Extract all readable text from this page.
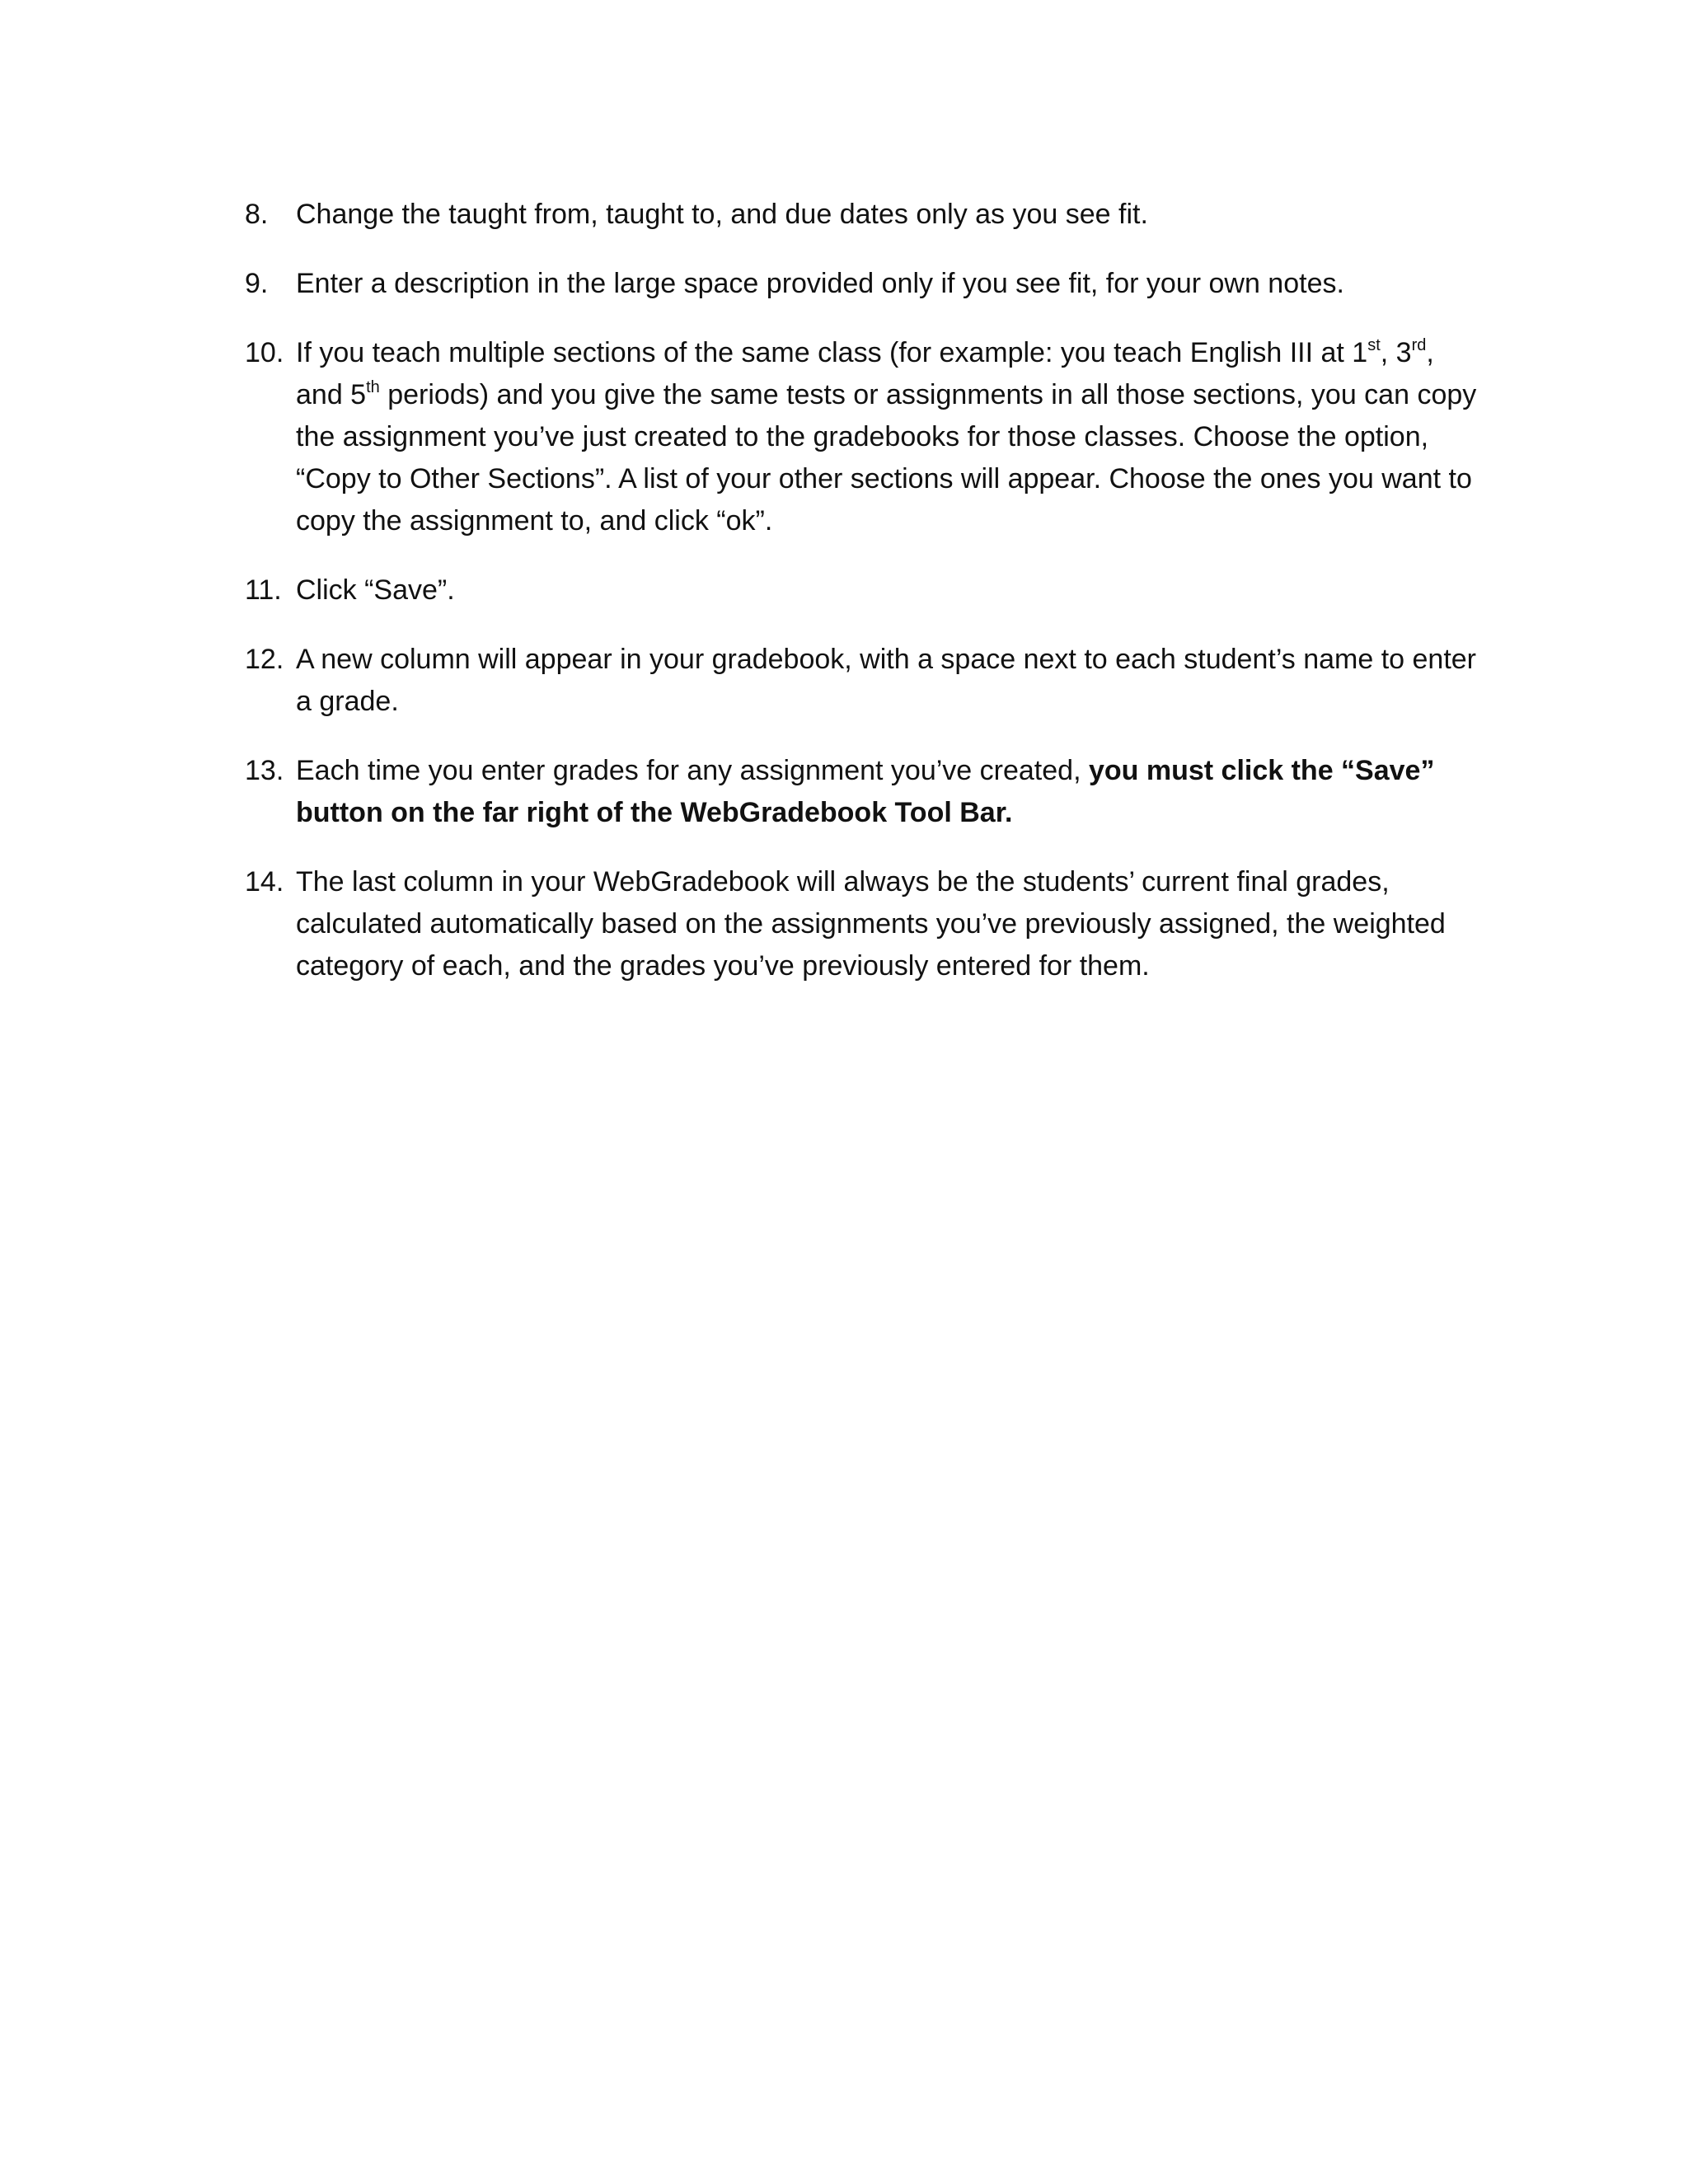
8. Change the taught from, taught to, and due dates only as you see fit.
9. Enter a description in the large space provided only if you see fit, for your own notes.
10. If you teach multiple sections of the same class (for example: you teach English III at 1st, 3rd, and 5th periods) and you give the same tests or assignments in all those sections, you can copy the assignment you’ve just created to the gradebooks for those classes. Choose the option, “Copy to Other Sections”. A list of your other sections will appear. Choose the ones you want to copy the assignment to, and click “ok”.
11. Click “Save”.
12. A new column will appear in your gradebook, with a space next to each student’s name to enter a grade.
13. Each time you enter grades for any assignment you’ve created, you must click the “Save” button on the far right of the WebGradebook Tool Bar.
14. The last column in your WebGradebook will always be the students’ current final grades, calculated automatically based on the assignments you’ve previously assigned, the weighted category of each, and the grades you’ve previously entered for them.
